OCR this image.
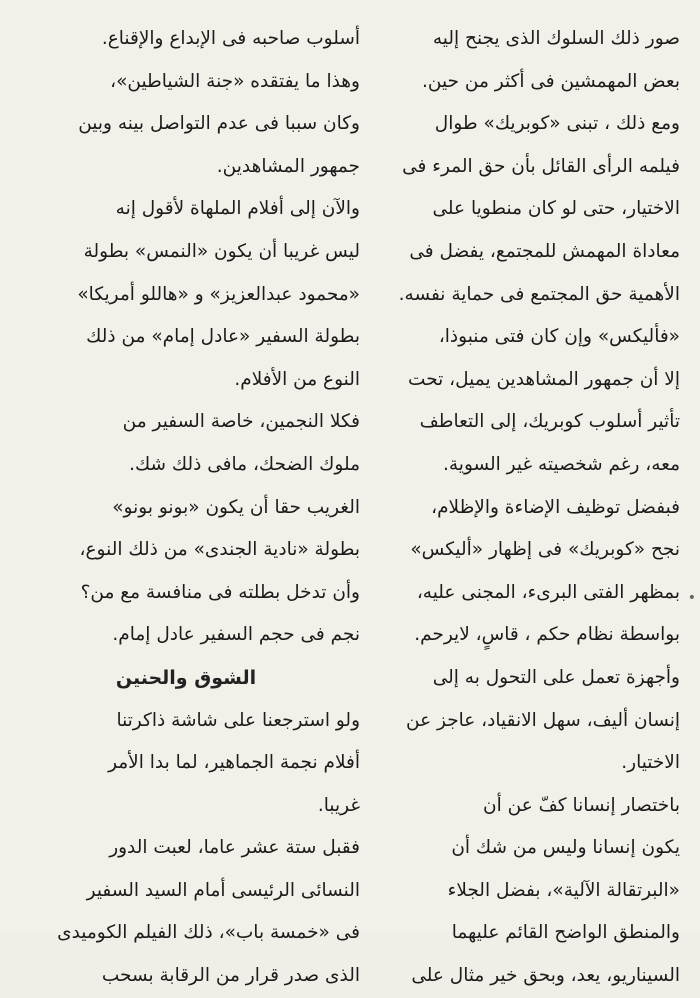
صور ذلك السلوك الذى يجنح إليه
بعض المهمشين فى أكثر من حين.
ومع ذلك ، تبنى «كوبريك» طوال
فيلمه الرأى القائل بأن حق المرء فى
الاختيار، حتى لو كان منطويا على
معاداة المهمش للمجتمع، يفضل فى
الأهمية حق المجتمع فى حماية نفسه.
«فأليكس» وإن كان فتى منبوذا،
إلا أن جمهور المشاهدين يميل، تحت
تأثير أسلوب كوبريك، إلى التعاطف
معه، رغم شخصيته غير السوية.
فبفضل توظيف الإضاءة والإظلام،
نجح «كوبريك» فى إظهار «أليكس»
بمظهر الفتى البرىء، المجنى عليه،
بواسطة نظام حكم ، قاسٍ، لايرحم.
وأجهزة تعمل على التحول به إلى
إنسان أليف، سهل الانقياد، عاجز عن
الاختيار.
باختصار إنسانا كفّ عن أن
يكون إنسانا وليس من شك أن
«البرتقالة الآلية»، بفضل الجلاء
والمنطق الواضح القائم عليهما
السيناريو، يعد، وبحق خير مثال على
أسلوب صاحبه فى الإبداع والإقناع.
وهذا ما يفتقده «جنة الشياطين»،
وكان سببا فى عدم التواصل بينه وبين
جمهور المشاهدين.
والآن إلى أفلام الملهاة لأقول إنه
ليس غريبا أن يكون «النمس» بطولة
«محمود عبدالعزيز» و «هاللو أمريكا»
بطولة السفير «عادل إمام» من ذلك
النوع من الأفلام.
فكلا النجمين، خاصة السفير من
ملوك الضحك، مافى ذلك شك.
الغريب حقا أن يكون «بونو بونو»
بطولة «نادية الجندى» من ذلك النوع،
وأن تدخل بطلته فى منافسة مع من؟
نجم فى حجم السفير عادل إمام.
الشوق والحنين
ولو استرجعنا على شاشة ذاكرتنا
أفلام نجمة الجماهير، لما بدا الأمر
غريبا.
فقبل ستة عشر عاما، لعبت الدور
النسائى الرئيسى أمام السيد السفير
فى «خمسة باب»، ذلك الفيلم الكوميدى
الذى صدر قرار من الرقابة بسحب
•
